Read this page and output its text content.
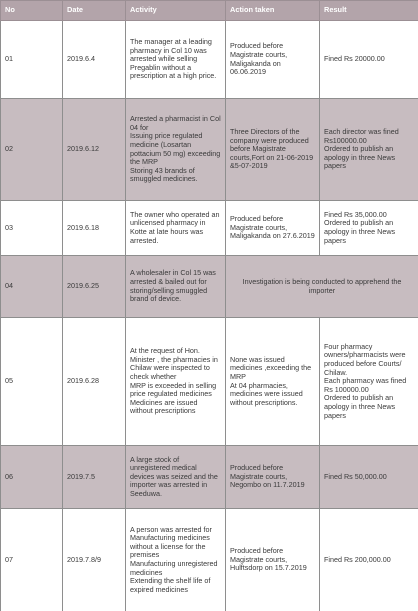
No	Date	Activity	Action taken	Result
01	2019.6.4	The manager at a leading pharmacy in Col 10 was arrested while selling Pregablin without a prescription at a high price.	Produced before Magistrate courts, Maligakanda on 06.06.2019	Fined Rs 20000.00
02	2019.6.12	Arrested a pharmacist in Col 04 for
Issuing price regulated medicine (Losartan pottacium 50 mg) exceeding the MRP
Storing 43 brands of smuggled medicines.	Three Directors of the company were produced before Magistrate courts,Fort on 21-06-2019 &5-07-2019	Each director was fined Rs100000.00
Ordered to publish an apology in three News papers
03	2019.6.18	The owner who operated an unlicensed pharmacy in Kotte at late hours was arrested.	Produced before Magistrate courts, Maligakanda on 27.6.2019	Fined Rs 35,000.00
Ordered to publish an apology in three News papers
04	2019.6.25	A wholesaler in Col 15 was arrested & bailed out for storing/selling smuggled brand of device.	Investigation is being conducted to apprehend the importer	
05	2019.6.28	At the request of Hon. Minister , the pharmacies in Chilaw were inspected to check whether
MRP is exceeded in selling price regulated medicines
Medicines are issued without prescriptions	None was issued medicines ,exceeding the MRP
At 04 pharmacies, medicines were issued without prescriptions.	Four pharmacy owners/pharmacists were produced before Courts/ Chilaw.
Each pharmacy was fined Rs 100000.00
Ordered to publish an apology in three News papers
06	2019.7.5	A large stock of unregistered medical devices was seized and the importer was arrested in Seeduwa.	Produced before Magistrate courts, Negombo on 11.7.2019	Fined Rs 50,000.00
07	2019.7.8/9	A person was arrested for
Manufacturing medicines without a license for the premises
Manufacturing unregistered medicines
Extending the shelf life of expired medicines	Produced before Magistrate courts, Hulftsdorp on 15.7.2019	Fined Rs 200,000.00
